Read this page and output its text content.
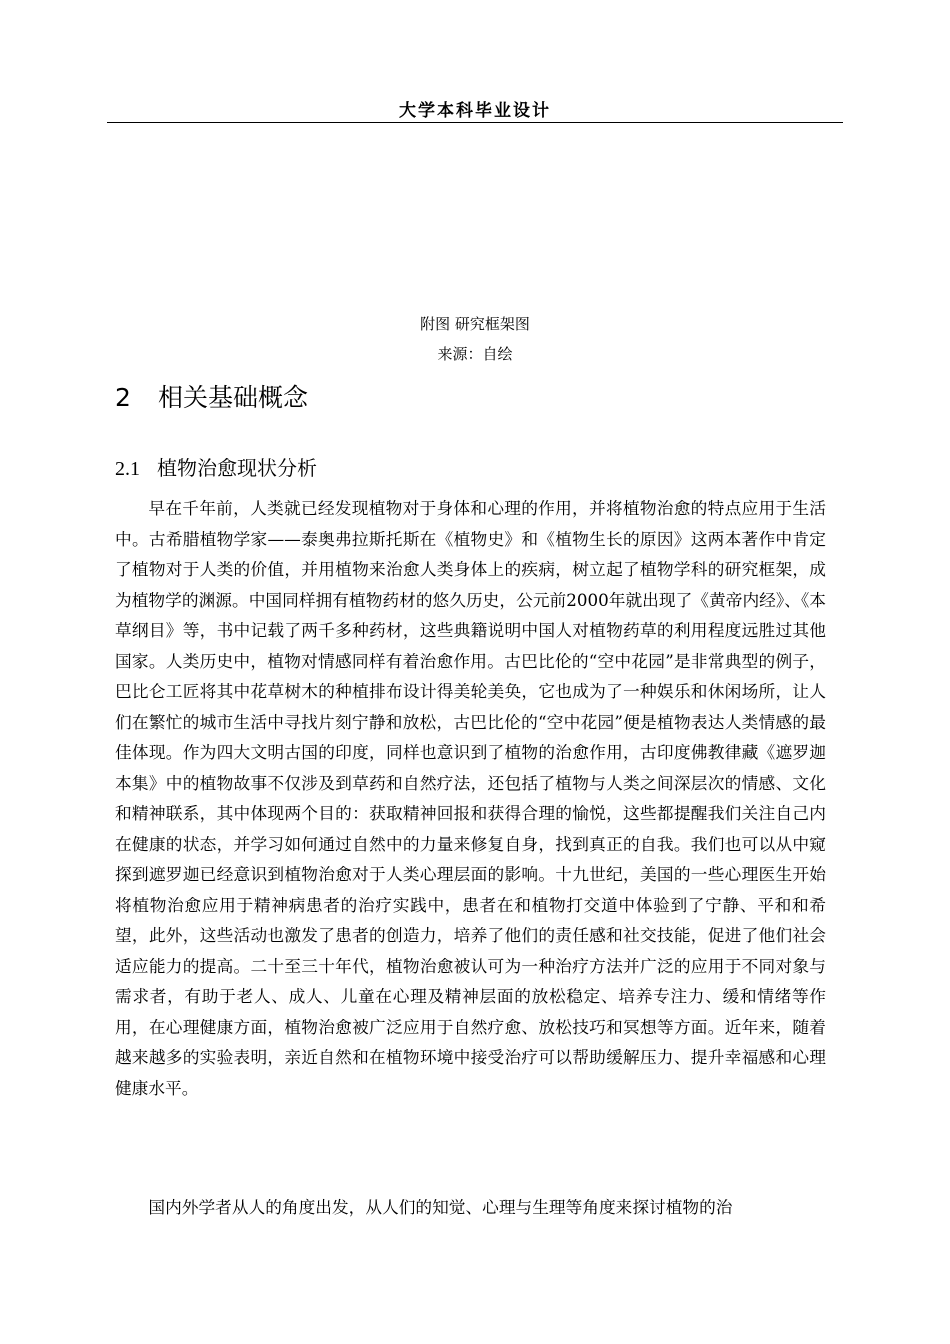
大学本科毕业设计
附图 研究框架图
来源：自绘
2 相关基础概念
2.1 植物治愈现状分析

早在千年前，人类就已经发现植物对于身体和心理的作用，并将植物治愈的特点应用于生活中。古希腊植物学家——泰奥弗拉斯托斯在《植物史》和《植物生长的原因》这两本著作中肯定了植物对于人类的价值，并用植物来治愈人类身体上的疾病，树立起了植物学科的研究框架，成为植物学的渊源。中国同样拥有植物药材的悠久历史，公元前2000年就出现了《黄帝内经》、《本草纲目》等，书中记载了两千多种药材，这些典籍说明中国人对植物药草的利用程度远胜过其他国家。人类历史中，植物对情感同样有着治愈作用。古巴比伦的“空中花园”是非常典型的例子，巴比仑工匠将其中花草树木的种植排布设计得美轮美奂，它也成为了一种娱乐和休闲场所，让人们在繁忙的城市生活中寻找片刻宁静和放松，古巴比伦的“空中花园”便是植物表达人类情感的最佳体现。作为四大文明古国的印度，同样也意识到了植物的治愈作用，古印度佛教律藏《遮罗迦本集》中的植物故事不仅涉及到草药和自然疗法，还包括了植物与人类之间深层次的情感、文化和精神联系，其中体现两个目的：获取精神回报和获得合理的愉悦，这些都提醒我们关注自己内在健康的状态，并学习如何通过自然中的力量来修复自身，找到真正的自我。我们也可以从中窥探到遮罗迦已经意识到植物治愈对于人类心理层面的影响。十九世纪，美国的一些心理医生开始将植物治愈应用于精神病患者的治疗实践中，患者在和植物打交道中体验到了宁静、平和和希望，此外，这些活动也激发了患者的创造力，培养了他们的责任感和社交技能，促进了他们社会适应能力的提高。二十至三十年代，植物治愈被认可为一种治疗方法并广泛的应用于不同对象与需求者，有助于老人、成人、儿童在心理及精神层面的放松稳定、培养专注力、缓和情绪等作用，在心理健康方面，植物治愈被广泛应用于自然疗愈、放松技巧和冥想等方面。近年来，随着越来越多的实验表明，亲近自然和在植物环境中接受治疗可以帮助缓解压力、提升幸福感和心理健康水平。

国内外学者从人的角度出发，从人们的知觉、心理与生理等角度来探讨植物的治
